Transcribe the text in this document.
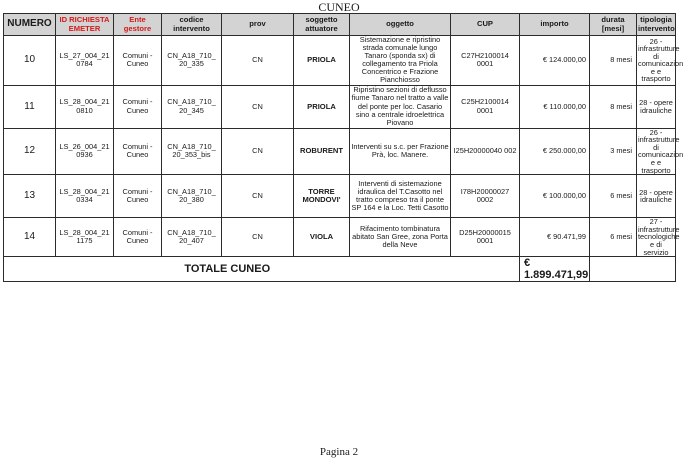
CUNEO
NUMERO	ID RICHIESTA EMETER	Ente gestore	codice intervento	prov	soggetto attuatore	oggetto	CUP	importo	durata [mesi]	tipologia intervento
10	LS_27_004_21 0784	Comuni - Cuneo	CN_A18_710_ 20_335	CN	PRIOLA	Sistemazione e ripristino strada comunale lungo Tanaro (sponda sx) di collegamento tra Priola Concentrico e Frazione Pianchiosso	C27H2100014 0001	€ 124.000,00	8 mesi	26 - infrastrutture di comunicazion e e trasporto
11	LS_28_004_21 0810	Comuni - Cuneo	CN_A18_710_ 20_345	CN	PRIOLA	Ripristino sezioni di deflusso fiume Tanaro nel tratto a valle del ponte per loc. Casario sino a centrale idroelettrica Piovano	C25H2100014 0001	€ 110.000,00	8 mesi	28 - opere idrauliche
12	LS_26_004_21 0936	Comuni - Cuneo	CN_A18_710_ 20_353_bis	CN	ROBURENT	Interventi su s.c. per Frazione Prà, loc. Manere.	I25H20000040 002	€ 250.000,00	3 mesi	26 - infrastrutture di comunicazion e e trasporto
13	LS_28_004_21 0334	Comuni - Cuneo	CN_A18_710_ 20_380	CN	TORRE MONDOVI'	Interventi di sistemazione idraulica del T.Casotto nel tratto compreso tra il ponte SP 164 e la Loc. Tetti Casotto	I78H20000027 0002	€ 100.000,00	6 mesi	28 - opere idrauliche
14	LS_28_004_21 1175	Comuni - Cuneo	CN_A18_710_ 20_407	CN	VIOLA	Rifacimento tombinatura abitato San Gree, zona Porta della Neve	D25H20000015 0001	€ 90.471,99	6 mesi	27 - infrastrutture tecnologiche e di servizio
TOTALE CUNEO								€ 1.899.471,99		
Pagina 2
